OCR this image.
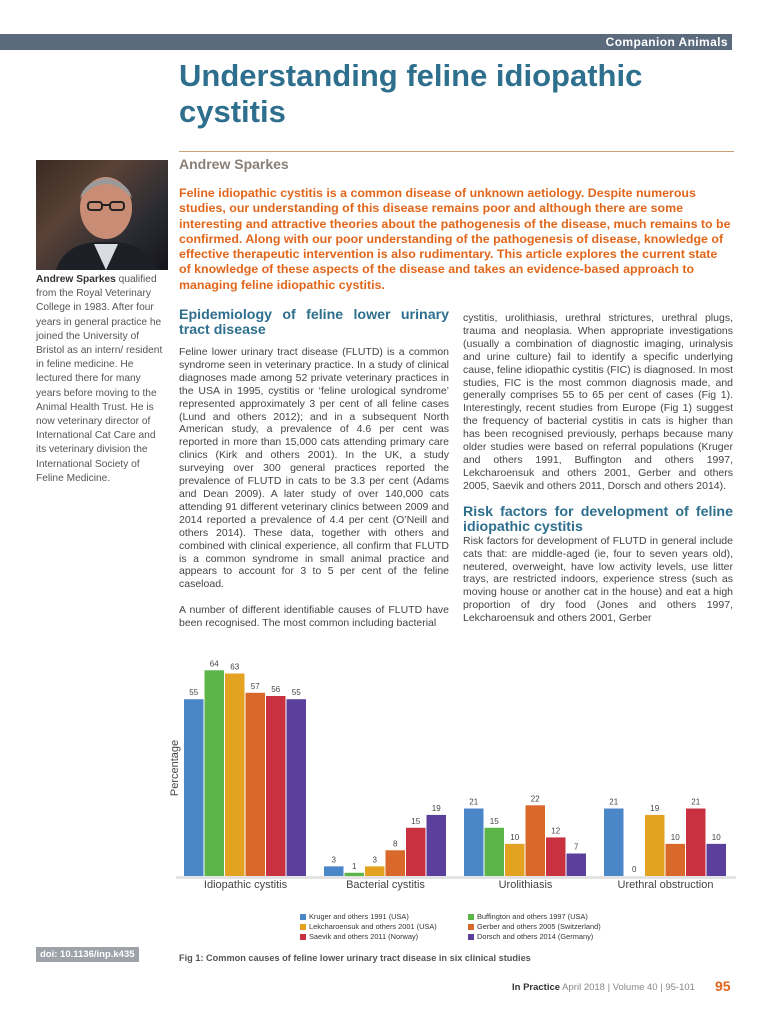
Companion Animals
Understanding feline idiopathic cystitis
Andrew Sparkes

Feline idiopathic cystitis is a common disease of unknown aetiology. Despite numerous studies, our understanding of this disease remains poor and although there are some interesting and attractive theories about the pathogenesis of the disease, much remains to be confirmed. Along with our poor understanding of the pathogenesis of disease, knowledge of effective therapeutic intervention is also rudimentary. This article explores the current state of knowledge of these aspects of the disease and takes an evidence-based approach to managing feline idiopathic cystitis.

Andrew Sparkes qualified from the Royal Veterinary College in 1983. After four years in general practice he joined the University of Bristol as an intern/ resident in feline medicine. He lectured there for many years before moving to the Animal Health Trust. He is now veterinary director of International Cat Care and its veterinary division the International Society of Feline Medicine.

Epidemiology of feline lower urinary tract disease

Feline lower urinary tract disease (FLUTD) is a common syndrome seen in veterinary practice. In a study of clinical diagnoses made among 52 private veterinary practices in the USA in 1995, cystitis or ‘feline urological syndrome’ represented approximately 3 per cent of all feline cases (Lund and others 2012); and in a subsequent North American study, a prevalence of 4.6 per cent was reported in more than 15,000 cats attending primary care clinics (Kirk and others 2001). In the UK, a study surveying over 300 general practices reported the prevalence of FLUTD in cats to be 3.3 per cent (Adams and Dean 2009). A later study of over 140,000 cats attending 91 different veterinary clinics between 2009 and 2014 reported a prevalence of 4.4 per cent (O’Neill and others 2014). These data, together with others and combined with clinical experience, all confirm that FLUTD is a common syndrome in small animal practice and appears to account for 3 to 5 per cent of the feline caseload.

A number of different identifiable causes of FLUTD have been recognised. The most common including bacterial

cystitis, urolithiasis, urethral strictures, urethral plugs, trauma and neoplasia. When appropriate investigations (usually a combination of diagnostic imaging, urinalysis and urine culture) fail to identify a specific underlying cause, feline idiopathic cystitis (FIC) is diagnosed. In most studies, FIC is the most common diagnosis made, and generally comprises 55 to 65 per cent of cases (Fig 1). Interestingly, recent studies from Europe (Fig 1) suggest the frequency of bacterial cystitis in cats is higher than has been recognised previously, perhaps because many older studies were based on referral populations (Kruger and others 1991, Buffington and others 1997, Lekcharoensuk and others 2001, Gerber and others 2005, Saevik and others 2011, Dorsch and others 2014).

Risk factors for development of feline idiopathic cystitis

Risk factors for development of FLUTD in general include cats that: are middle-aged (ie, four to seven years old), neutered, overweight, have low activity levels, use litter trays, are restricted indoors, experience stress (such as moving house or another cat in the house) and eat a high proportion of dry food (Jones and others 1997, Lekcharoensuk and others 2001, Gerber

Percentage
55
64 63
57 56 55
Idiopathic cystitis
3
1
3
8
15
19
Bacterial cystitis
21
15
10
22
12
7
Urolithiasis
21
0
19
10
21
10
Urethral obstruction
Kruger and others 1991 (USA)	Buffington and others 1997 (USA)
Lekcharoensuk and others 2001 (USA)	Gerber and others 2005 (Switzerland)
Saevik and others 2011 (Norway)	Dorsch and others 2014 (Germany)
doi: 10.1136/inp.k435	Fig 1: Common causes of feline lower urinary tract disease in six clinical studies
In Practice April 2018 | Volume 40 | 95-101 95
